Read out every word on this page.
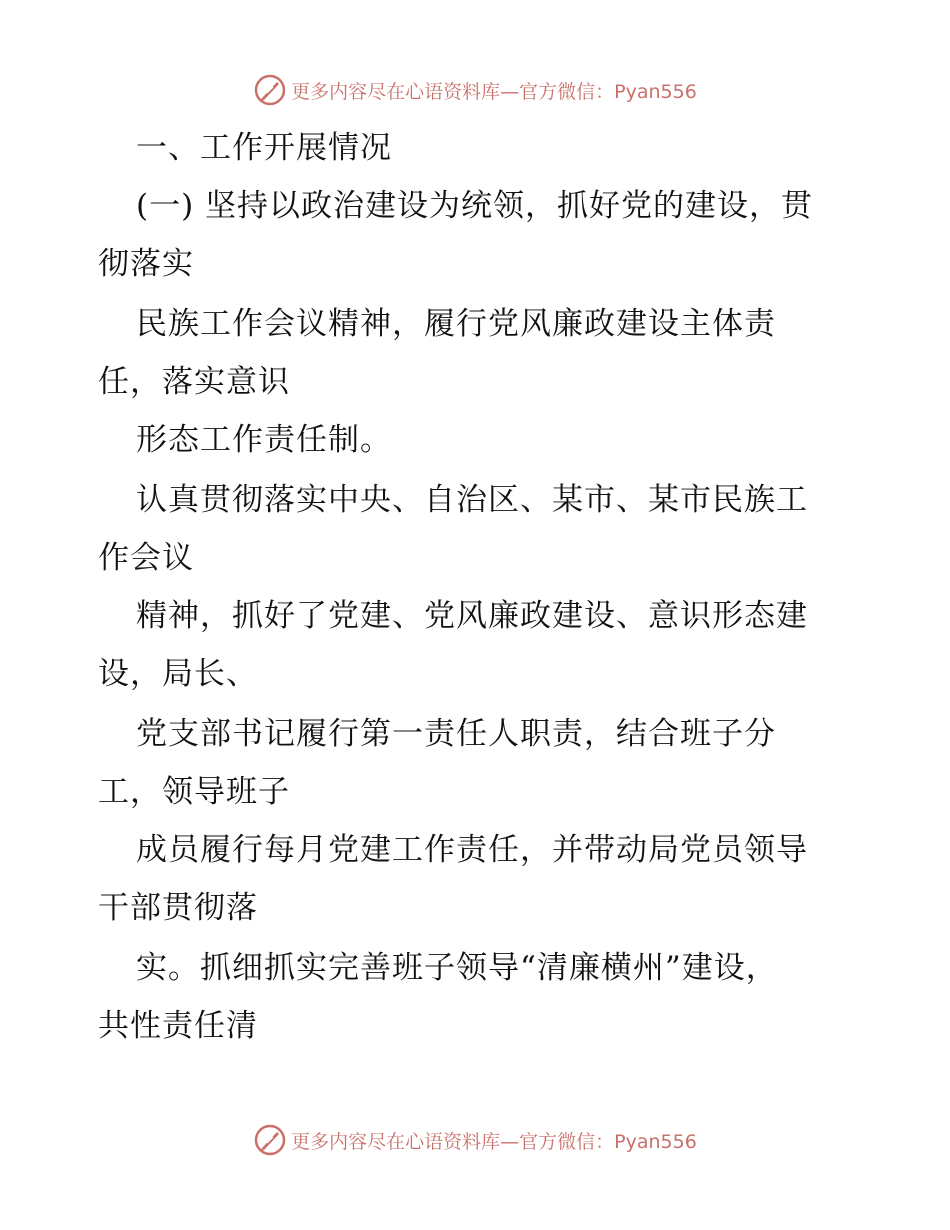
更多内容尽在心语资料库—官方微信：Pyan556
一、工作开展情况
(一) 坚持以政治建设为统领，抓好党的建设，贯
彻落实
民族工作会议精神，履行党风廉政建设主体责
任，落实意识
形态工作责任制。
认真贯彻落实中央、自治区、某市、某市民族工
作会议
精神，抓好了党建、党风廉政建设、意识形态建
设，局长、
党支部书记履行第一责任人职责，结合班子分
工，领导班子
成员履行每月党建工作责任，并带动局党员领导
干部贯彻落
实。抓细抓实完善班子领导“清廉横州”建设，
共性责任清
更多内容尽在心语资料库—官方微信：Pyan556
